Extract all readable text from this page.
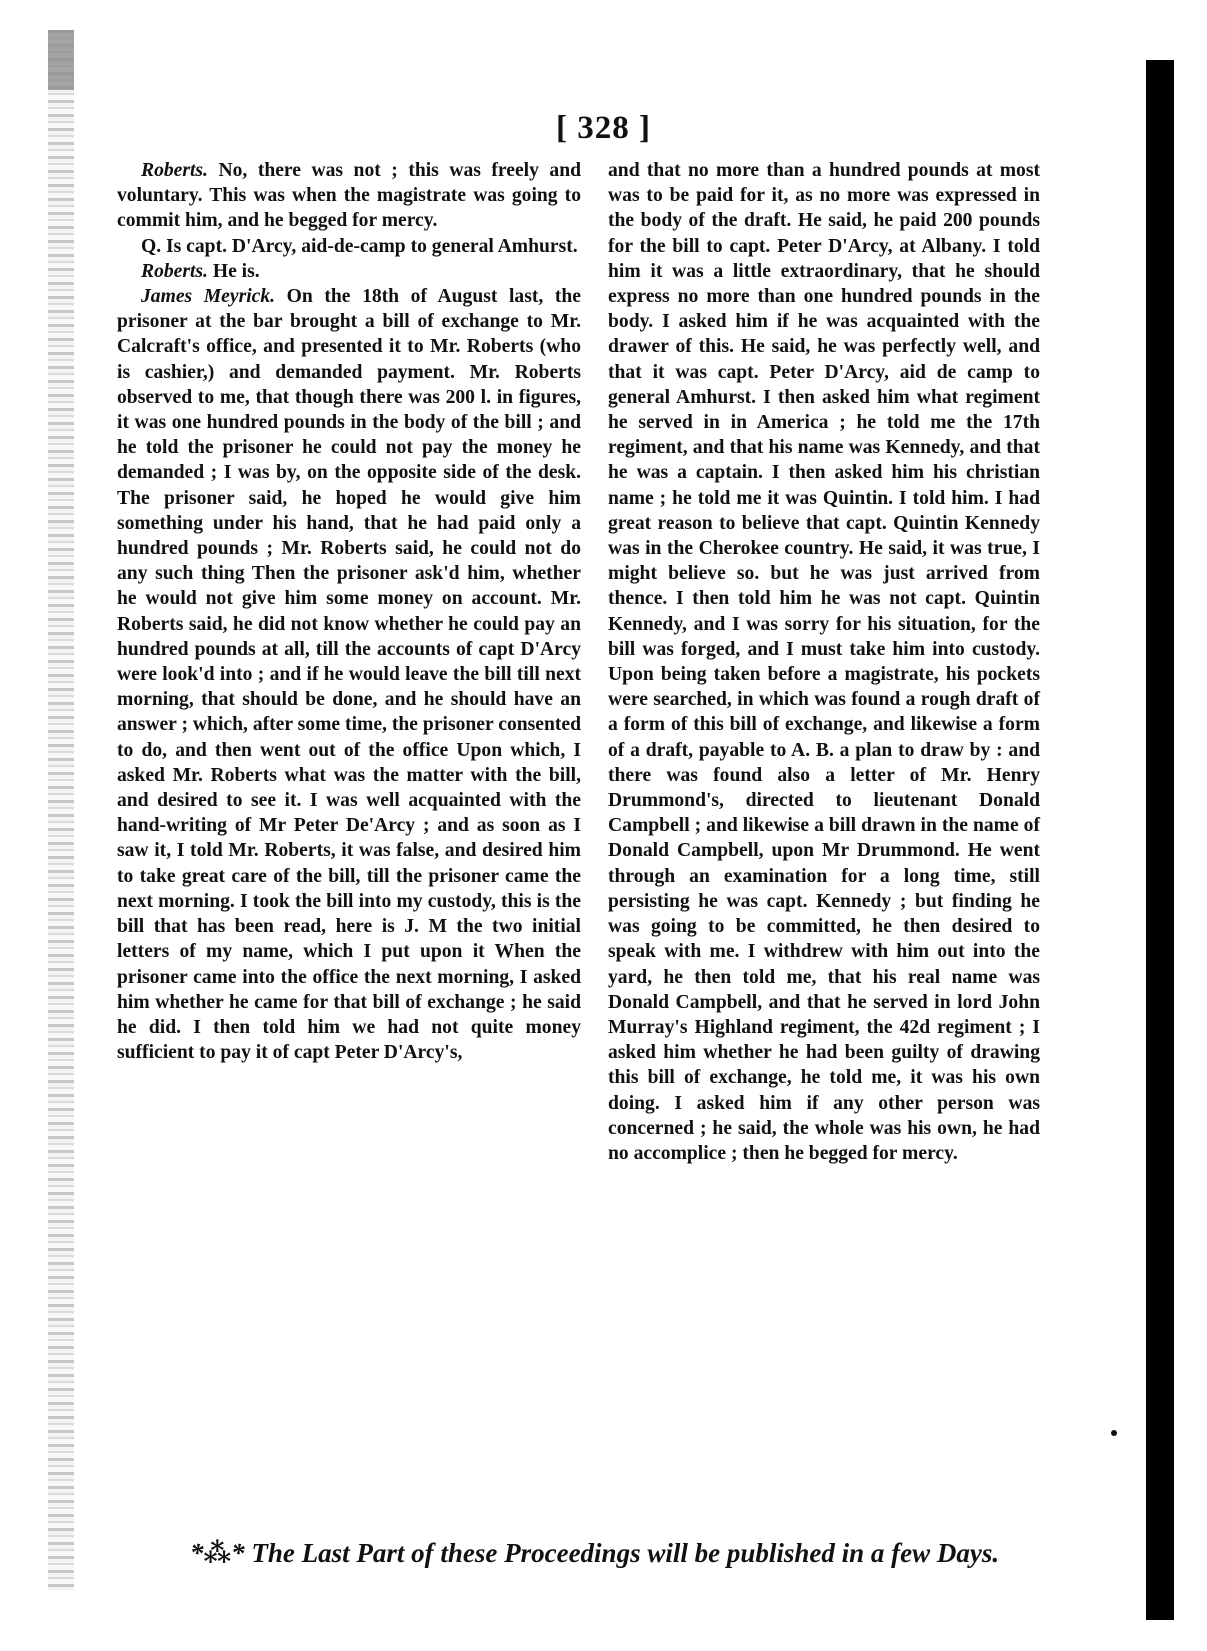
[ 328 ]

Roberts. No, there was not ; this was freely and voluntary. This was when the magistrate was going to commit him, and he begged for mercy.

Q. Is capt. D'Arcy, aid-de-camp to general Amhurst.

Roberts. He is.

James Meyrick. On the 18th of August last, the prisoner at the bar brought a bill of exchange to Mr. Calcraft's office, and presented it to Mr. Roberts (who is cashier,) and demanded payment. Mr. Roberts observed to me, that though there was 200 l. in figures, it was one hundred pounds in the body of the bill ; and he told the prisoner he could not pay the money he demanded ; I was by, on the opposite side of the desk. The prisoner said, he hoped he would give him something under his hand, that he had paid only a hundred pounds ; Mr. Roberts said, he could not do any such thing Then the prisoner ask'd him, whether he would not give him some money on account. Mr. Roberts said, he did not know whether he could pay an hundred pounds at all, till the accounts of capt D'Arcy were look'd into ; and if he would leave the bill till next morning, that should be done, and he should have an answer ; which, after some time, the prisoner consented to do, and then went out of the office Upon which, I asked Mr. Roberts what was the matter with the bill, and desired to see it. I was well acquainted with the hand-writing of Mr Peter De'Arcy ; and as soon as I saw it, I told Mr. Roberts, it was false, and desired him to take great care of the bill, till the prisoner came the next morning. I took the bill into my custody, this is the bill that has been read, here is J. M the two initial letters of my name, which I put upon it When the prisoner came into the office the next morning, I asked him whether he came for that bill of exchange ; he said he did. I then told him we had not quite money sufficient to pay it of capt Peter D'Arcy's,

and that no more than a hundred pounds at most was to be paid for it, as no more was expressed in the body of the draft. He said, he paid 200 pounds for the bill to capt. Peter D'Arcy, at Albany. I told him it was a little extraordinary, that he should express no more than one hundred pounds in the body. I asked him if he was acquainted with the drawer of this. He said, he was perfectly well, and that it was capt. Peter D'Arcy, aid de camp to general Amhurst. I then asked him what regiment he served in in America ; he told me the 17th regiment, and that his name was Kennedy, and that he was a captain. I then asked him his christian name ; he told me it was Quintin. I told him. I had great reason to believe that capt. Quintin Kennedy was in the Cherokee country. He said, it was true, I might believe so. but he was just arrived from thence. I then told him he was not capt. Quintin Kennedy, and I was sorry for his situation, for the bill was forged, and I must take him into custody. Upon being taken before a magistrate, his pockets were searched, in which was found a rough draft of a form of this bill of exchange, and likewise a form of a draft, payable to A. B. a plan to draw by : and there was found also a letter of Mr. Henry Drummond's, directed to lieutenant Donald Campbell ; and likewise a bill drawn in the name of Donald Campbell, upon Mr Drummond. He went through an examination for a long time, still persisting he was capt. Kennedy ; but finding he was going to be committed, he then desired to speak with me. I withdrew with him out into the yard, he then told me, that his real name was Donald Campbell, and that he served in lord John Murray's Highland regiment, the 42d regiment ; I asked him whether he had been guilty of drawing this bill of exchange, he told me, it was his own doing. I asked him if any other person was concerned ; he said, the whole was his own, he had no accomplice ; then he begged for mercy.

*⁂* The Last Part of these Proceedings will be published in a few Days.
